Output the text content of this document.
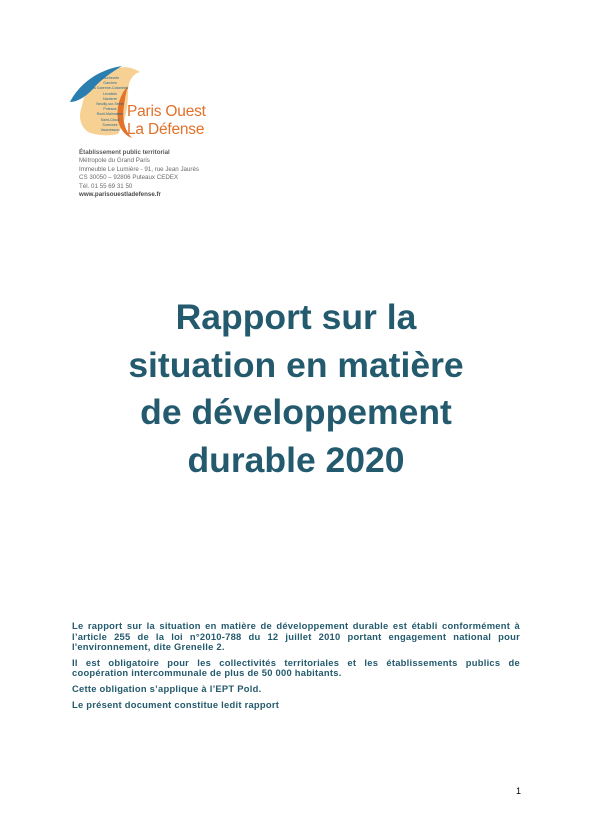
Courbevoie
Garches
La Garenne-Colombes
Levallois
Nanterre
Neuilly-sur-Seine
Puteaux
Rueil-Malmaison
Saint-Cloud
Suresnes
Vaucresson
Paris Ouest
La Défense
Établissement public territorial
Métropole du Grand Paris
Immeuble Le Lumière - 91, rue Jean Jaurès
CS 30050 – 92806 Puteaux CEDEX
Tél. 01 55 69 31 50
www.parisouestladefense.fr
Rapport sur la
situation en matière
de développement
durable 2020

Le rapport sur la situation en matière de développement durable est établi conformément à l’article 255 de la loi n°2010-788 du 12 juillet 2010 portant engagement national pour l'environnement, dite Grenelle 2.

Il est obligatoire pour les collectivités territoriales et les établissements publics de coopération intercommunale de plus de 50 000 habitants.

Cette obligation s’applique à l’EPT Pold.

Le présent document constitue ledit rapport

1
